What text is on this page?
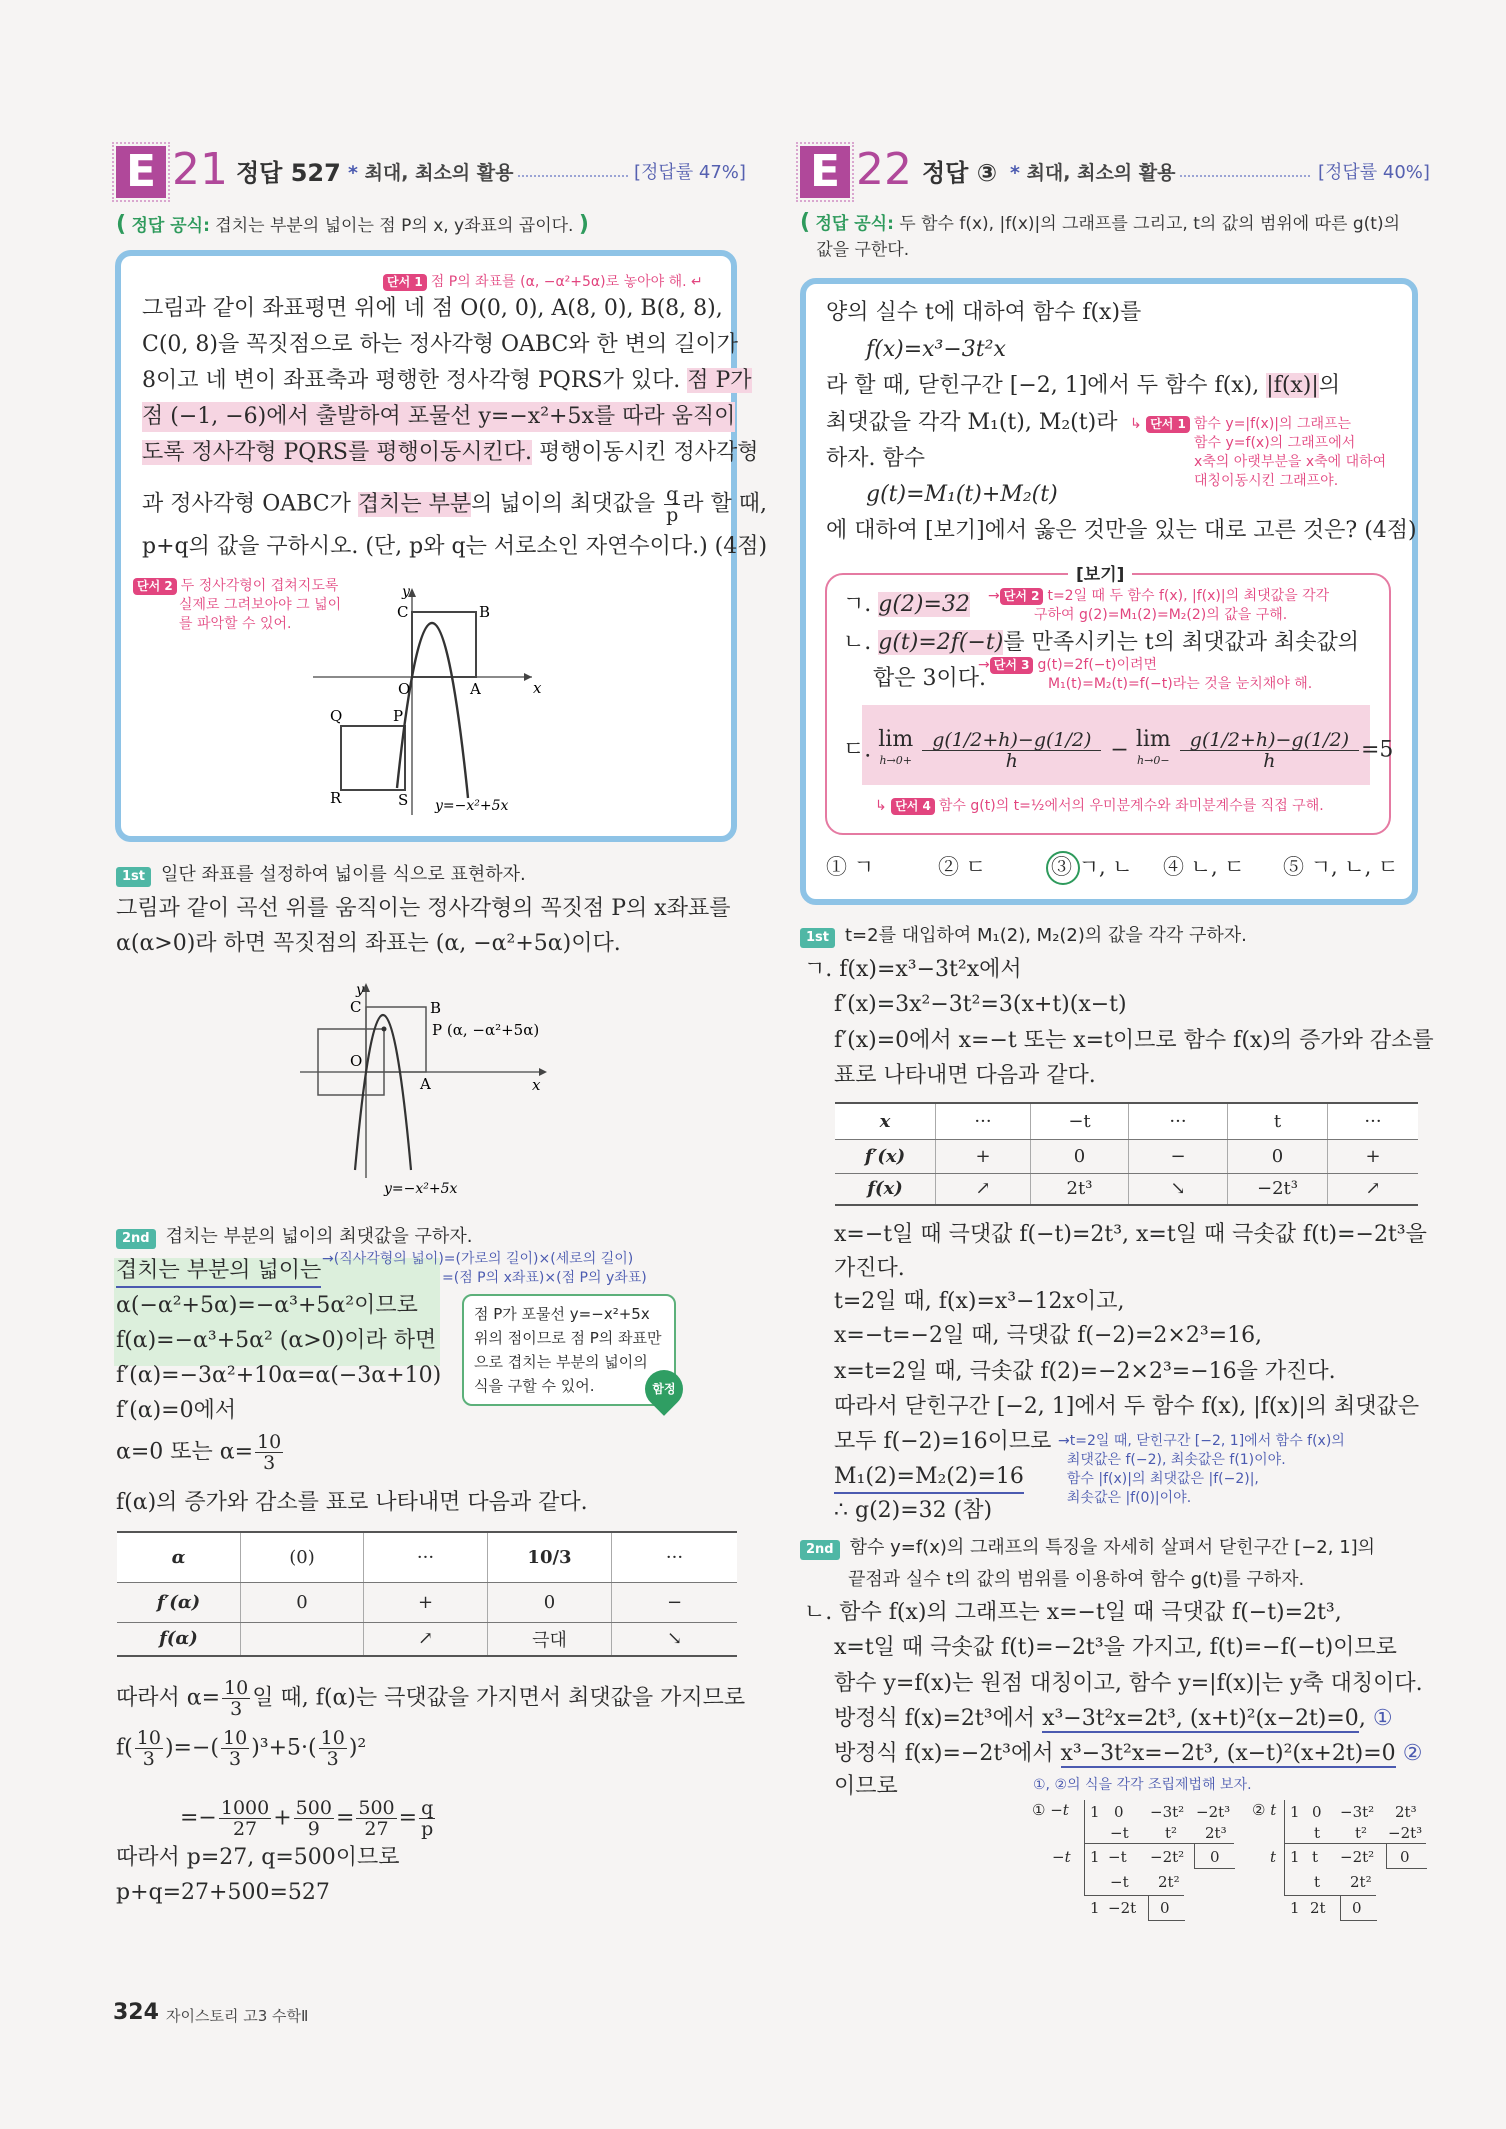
E 21 정답 527 * 최대, 최소의 활용	[정답률 47%]
( 정답 공식: 겹치는 부분의 넓이는 점 P의 x, y좌표의 곱이다. )
단서 1 점 P의 좌표를 (α, −α²+5α)로 놓아야 해. ↵
그림과 같이 좌표평면 위에 네 점 O(0, 0), A(8, 0), B(8, 8),
C(0, 8)을 꼭짓점으로 하는 정사각형 OABC와 한 변의 길이가
8이고 네 변이 좌표축과 평행한 정사각형 PQRS가 있다. 점 P가
점 (−1, −6)에서 출발하여 포물선 y=−x²+5x를 따라 움직이
도록 정사각형 PQRS를 평행이동시킨다. 평행이동시킨 정사각형
과 정사각형 OABC가 겹치는 부분의 넓이의 최댓값을 $\frac{q}{p}$ 라 할 때,
p+q의 값을 구하시오. (단, p와 q는 서로소인 자연수이다.) (4점)
단서 2 두 정사각형이 겹쳐지도록
실제로 그려보아야 그 넓이
를 파악할 수 있어.
y
x
C	B
O	A
Q	P
R	S y=−x²+5x
1st 일단 좌표를 설정하여 넓이를 식으로 표현하자.
그림과 같이 곡선 위를 움직이는 정사각형의 꼭짓점 P의 x좌표를
α(α>0)라 하면 꼭짓점의 좌표는 (α, −α²+5α)이다.
y
x
C	B
O
A
P (α, −α²+5α)
y=−x²+5x
2nd 겹치는 부분의 넓이의 최댓값을 구하자.
겹치는 부분의 넓이는 →(직사각형의 넓이)=(가로의 길이)×(세로의 길이)
=(점 P의 x좌표)×(점 P의 y좌표)
α(−α²+5α)=−α³+5α²이므로
f(α)=−α³+5α² (α>0)이라 하면
f′(α)=−3α²+10α=α(−3α+10)
f′(α)=0에서
α=0 또는 $\alpha= \frac{10}{3}$
점 P가 포물선 y=−x²+5x 위의 점이므로 점 P의 좌표만으로 겹치는 부분의 넓이의 식을 구할 수 있어.	함정
f(α)의 증가와 감소를 표로 나타내면 다음과 같다.
α	(0)	···	10/3	···
f′(α)	0	+	0	−
f(α)		↗	극대	↘
따라서 $\alpha= \frac{10}{3}$ 일 때, f(α)는 극댓값을 가지면서 최댓값을 가지므로
$f( \frac{10}{3}$ )=−( $\frac{10}{3} )^3+5\cdot( \frac{10}{3} )^2$
=− $\frac{1000}{27} + \frac{500}{9} = \frac{500}{27} = \frac{q}{p}$
따라서 p=27, q=500이므로
p+q=27+500=527
324 자이스토리 고3 수학Ⅱ
E 22 정답 ③ * 최대, 최소의 활용	[정답률 40%]
( 정답 공식: 두 함수 f(x), |f(x)|의 그래프를 그리고, t의 값의 범위에 따른 g(t)의
값을 구한다.
양의 실수 t에 대하여 함수 f(x)를
f(x)=x³−3t²x
라 할 때, 닫힌구간 [−2, 1]에서 두 함수 f(x), |f(x)|의
최댓값을 각각 M₁(t), M₂(t)라
하자. 함수
g(t)=M₁(t)+M₂(t)
에 대하여 [보기]에서 옳은 것만을 있는 대로 고른 것은? (4점)
↳ 단서 1 함수 y=|f(x)|의 그래프는
함수 y=f(x)의 그래프에서
x축의 아랫부분을 x축에 대하여
대칭이동시킨 그래프야.
[보기]
ㄱ. g(2)=32 → 단서 2 t=2일 때 두 함수 f(x), |f(x)|의 최댓값을 각각
구하여 g(2)=M₁(2)=M₂(2)의 값을 구해.
ㄴ. g(t)=2f(−t)를 만족시키는 t의 최댓값과 최솟값의
합은 3이다.
→ 단서 3 g(t)=2f(−t)이려면
M₁(t)=M₂(t)=f(−t)라는 것을 눈치채야 해.
ㄷ. lim
$h\to 0+ \frac{g(1/2+h)-g(1/2)}{h} - \lim$
$h\to 0- \frac{g(1/2+h)-g(1/2)}{h} =5$
↳ 단서 4 함수 g(t)의 t=½에서의 우미분계수와 좌미분계수를 직접 구해.
① ㄱ	② ㄷ	③ ㄱ, ㄴ ④ ㄴ, ㄷ ⑤ ㄱ, ㄴ, ㄷ
1st t=2를 대입하여 M₁(2), M₂(2)의 값을 각각 구하자.
ㄱ. f(x)=x³−3t²x에서
f′(x)=3x²−3t²=3(x+t)(x−t)
f′(x)=0에서 x=−t 또는 x=t이므로 함수 f(x)의 증가와 감소를
표로 나타내면 다음과 같다.
x	···	−t	···	t	···
f′(x)	+	0	−	0	+
f(x)	↗	2t³	↘	−2t³	↗
x=−t일 때 극댓값 f(−t)=2t³, x=t일 때 극솟값 f(t)=−2t³을
가진다.
t=2일 때, f(x)=x³−12x이고,
x=−t=−2일 때, 극댓값 f(−2)=2×2³=16,
x=t=2일 때, 극솟값 f(2)=−2×2³=−16을 가진다.
따라서 닫힌구간 [−2, 1]에서 두 함수 f(x), |f(x)|의 최댓값은
모두 f(−2)=16이므로
M₁(2)=M₂(2)=16
∴ g(2)=32 (참)
→t=2일 때, 닫힌구간 [−2, 1]에서 함수 f(x)의
최댓값은 f(−2), 최솟값은 f(1)이야.
함수 |f(x)|의 최댓값은 |f(−2)|,
최솟값은 |f(0)|이야.
2nd 함수 y=f(x)의 그래프의 특징을 자세히 살펴서 닫힌구간 [−2, 1]의
끝점과 실수 t의 값의 범위를 이용하여 함수 g(t)를 구하자.
ㄴ. 함수 f(x)의 그래프는 x=−t일 때 극댓값 f(−t)=2t³,
x=t일 때 극솟값 f(t)=−2t³을 가지고, f(t)=−f(−t)이므로
함수 y=f(x)는 원점 대칭이고, 함수 y=|f(x)|는 y축 대칭이다.
방정식 f(x)=2t³에서 x³−3t²x=2t³, (x+t)²(x−2t)=0, ①
방정식 f(x)=−2t³에서 x³−3t²x=−2t³, (x−t)²(x+2t)=0 ②
이므로	①, ②의 식을 각각 조립제법해 보자.
① −t 1 0 −3t² −2t³
−t t² 2t³
−t 1 −t −2t² 0
−t 2t²
1 −2t 0
② t 1 0 −3t² 2t³
t t² −2t³
t 1 t −2t² 0
t 2t²
1 2t 0
